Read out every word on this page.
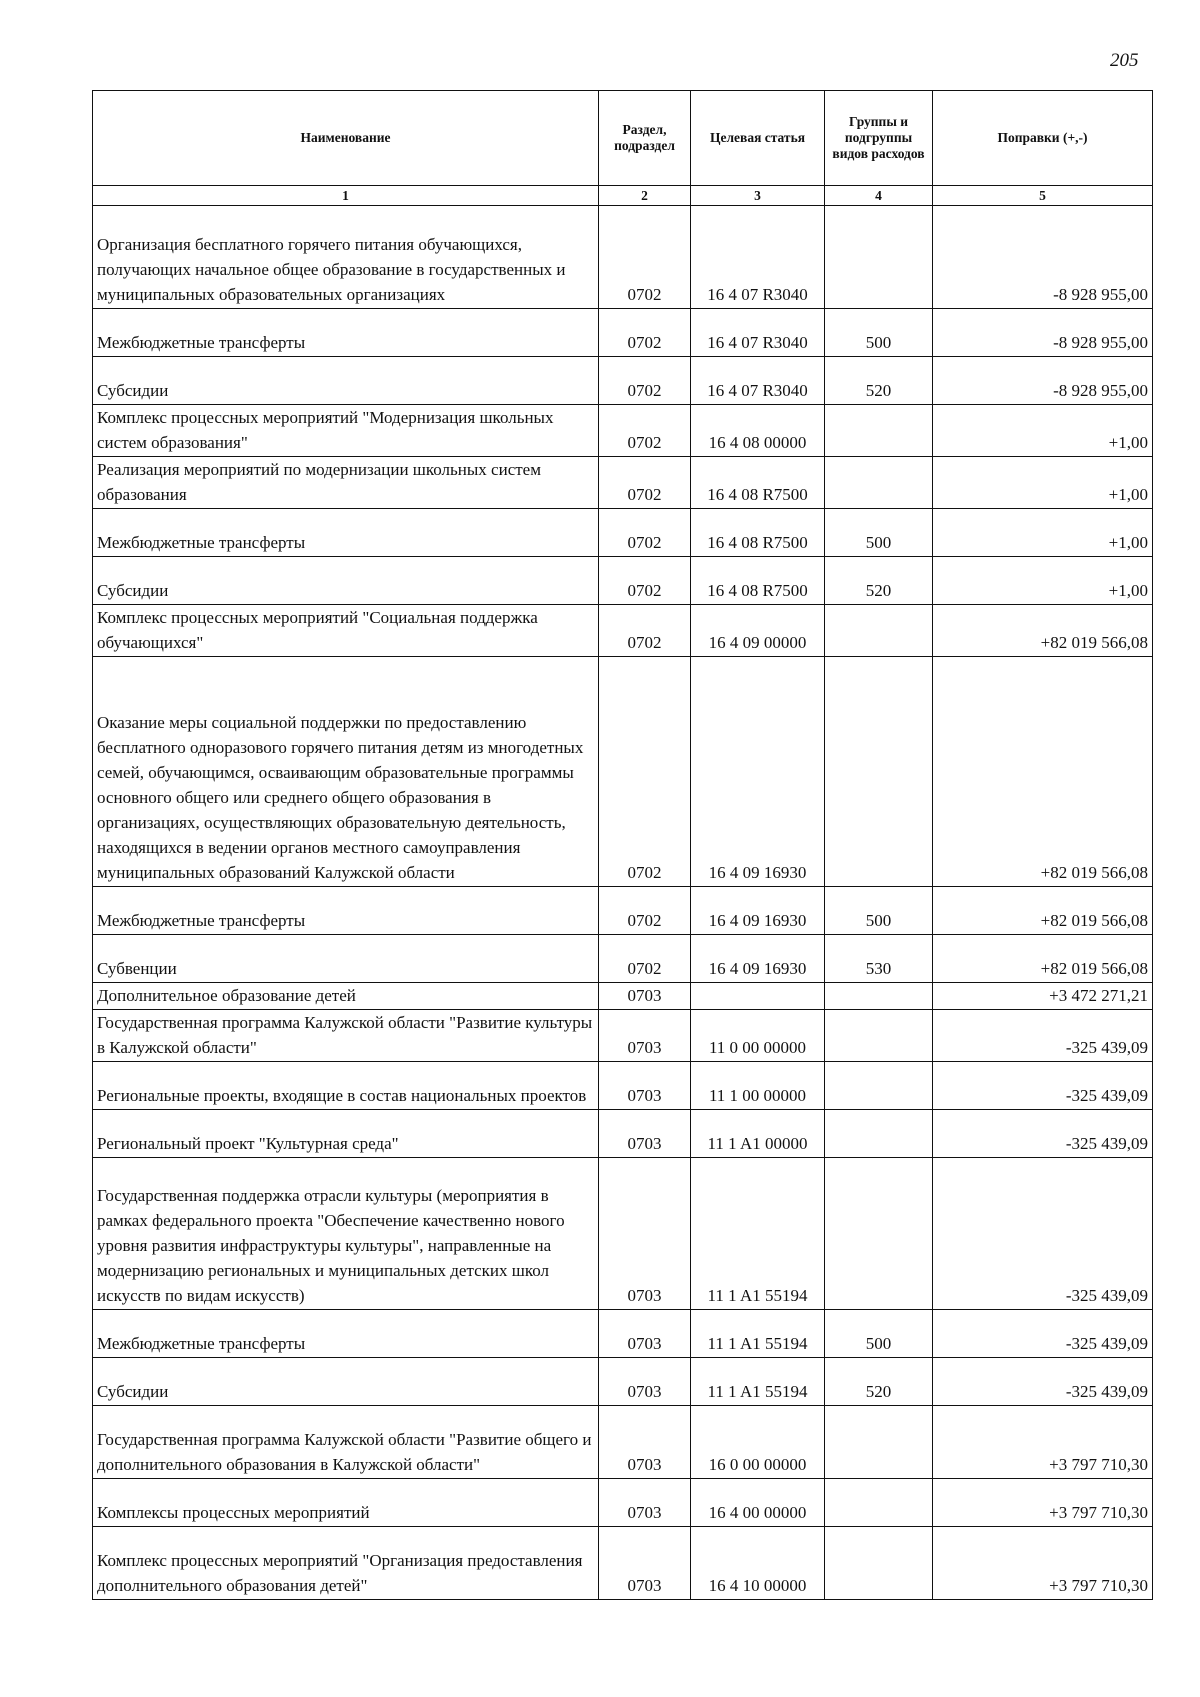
205
Наименование	Раздел, подраздел	Целевая статья	Группы и подгруппы видов расходов	Поправки (+,-)
1	2	3	4	5
Организация бесплатного горячего питания обучающихся, получающих начальное общее образование в государственных и муниципальных образовательных организациях	0702	16 4 07 R3040		-8 928 955,00
Межбюджетные трансферты	0702	16 4 07 R3040	500	-8 928 955,00
Субсидии	0702	16 4 07 R3040	520	-8 928 955,00
Комплекс процессных мероприятий "Модернизация школьных систем образования"	0702	16 4 08 00000		+1,00
Реализация мероприятий по модернизации школьных систем образования	0702	16 4 08 R7500		+1,00
Межбюджетные трансферты	0702	16 4 08 R7500	500	+1,00
Субсидии	0702	16 4 08 R7500	520	+1,00
Комплекс процессных мероприятий "Социальная поддержка обучающихся"	0702	16 4 09 00000		+82 019 566,08
Оказание меры социальной поддержки по предоставлению бесплатного одноразового горячего питания детям из многодетных семей, обучающимся, осваивающим образовательные программы основного общего или среднего общего образования в организациях, осуществляющих образовательную деятельность, находящихся в ведении органов местного самоуправления муниципальных образований Калужской области	0702	16 4 09 16930		+82 019 566,08
Межбюджетные трансферты	0702	16 4 09 16930	500	+82 019 566,08
Субвенции	0702	16 4 09 16930	530	+82 019 566,08
Дополнительное образование детей	0703			+3 472 271,21
Государственная программа Калужской области "Развитие культуры в Калужской области"	0703	11 0 00 00000		-325 439,09
Региональные проекты, входящие в состав национальных проектов	0703	11 1 00 00000		-325 439,09
Региональный проект "Культурная среда"	0703	11 1 A1 00000		-325 439,09
Государственная поддержка отрасли культуры (мероприятия в рамках федерального проекта "Обеспечение качественно нового уровня развития инфраструктуры культуры", направленные на модернизацию региональных и муниципальных детских школ искусств по видам искусств)	0703	11 1 A1 55194		-325 439,09
Межбюджетные трансферты	0703	11 1 A1 55194	500	-325 439,09
Субсидии	0703	11 1 A1 55194	520	-325 439,09
Государственная программа Калужской области "Развитие общего и дополнительного образования в Калужской области"	0703	16 0 00 00000		+3 797 710,30
Комплексы процессных мероприятий	0703	16 4 00 00000		+3 797 710,30
Комплекс процессных мероприятий "Организация предоставления дополнительного образования детей"	0703	16 4 10 00000		+3 797 710,30
